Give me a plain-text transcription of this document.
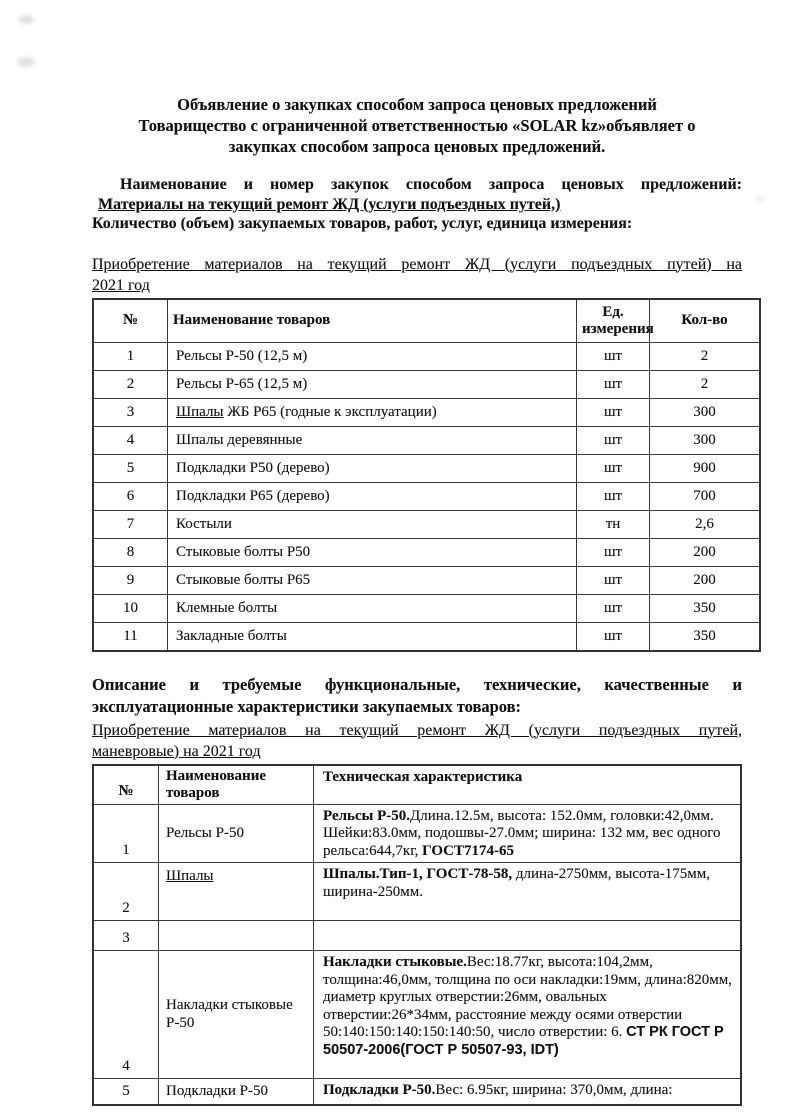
Объявление о закупках способом запроса ценовых предложений
Товарищество с ограниченной ответственностью «SOLAR kz»объявляет о
закупках способом запроса ценовых предложений.
Наименование и номер закупок способом запроса ценовых предложений:
Материалы на текущий ремонт ЖД (услуги подъездных путей,)
Количество (объем) закупаемых товаров, работ, услуг, единица измерения:
Приобретение материалов на текущий ремонт ЖД (услуги подъездных путей) на
2021 год
№	Наименование товаров	Ед.
измерения	Кол-во
1	Рельсы Р-50 (12,5 м)	шт	2
2	Рельсы Р-65 (12,5 м)	шт	2
3	Шпалы ЖБ Р65 (годные к эксплуатации)	шт	300
4	Шпалы деревянные	шт	300
5	Подкладки Р50 (дерево)	шт	900
6	Подкладки Р65 (дерево)	шт	700
7	Костыли	тн	2,6
8	Стыковые болты Р50	шт	200
9	Стыковые болты Р65	шт	200
10	Клемные болты	шт	350
11	Закладные болты	шт	350
Описание и требуемые функциональные, технические, качественные и
эксплуатационные характеристики закупаемых товаров:
Приобретение материалов на текущий ремонт ЖД (услуги подъездных путей,
маневровые) на 2021 год
№	Наименование
товаров	Техническая характеристика
1	Рельсы Р-50	Рельсы Р-50.Длина.12.5м, высота: 152.0мм, головки:42,0мм. Шейки:83.0мм, подошвы-27.0мм; ширина: 132 мм, вес одного рельса:644,7кг, ГОСТ7174-65
2	Шпалы	Шпалы.Тип-1, ГОСТ-78-58, длина-2750мм, высота-175мм, ширина-250мм.
3		
4	Накладки стыковые Р-50	Накладки стыковые.Вес:18.77кг, высота:104,2мм, толщина:46,0мм, толщина по оси накладки:19мм, длина:820мм, диаметр круглых отверстии:26мм, овальных отверстии:26*34мм, расстояние между осями отверстии 50:140:150:140:150:140:50, число отверстии: 6. СТ РК ГОСТ Р 50507-2006(ГОСТ Р 50507-93, IDT)
5	Подкладки Р-50	Подкладки Р-50.Вес: 6.95кг, ширина: 370,0мм, длина:
